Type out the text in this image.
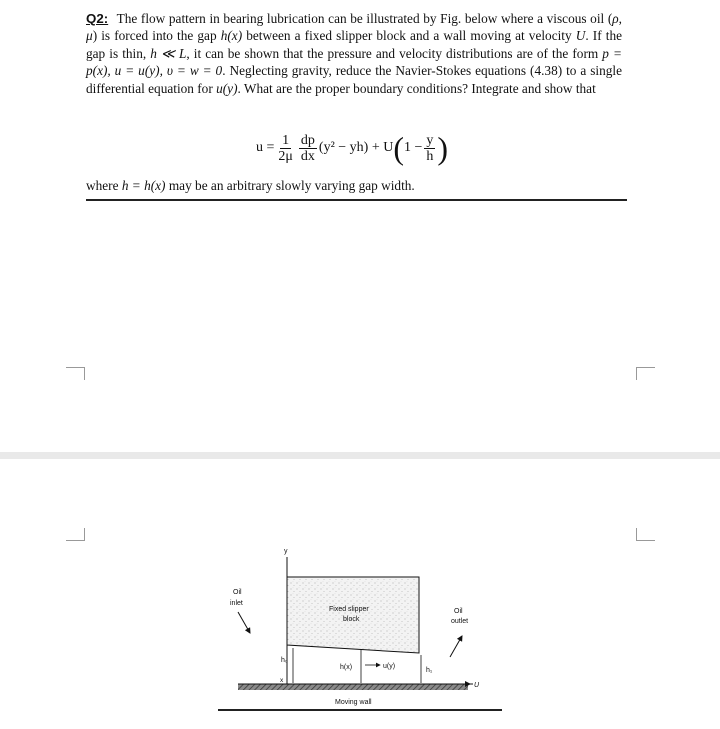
Q2: The flow pattern in bearing lubrication can be illustrated by Fig. below where a viscous oil (ρ, μ) is forced into the gap h(x) between a fixed slipper block and a wall moving at velocity U. If the gap is thin, h ≪ L, it can be shown that the pressure and velocity distributions are of the form p = p(x), u = u(y), υ = w = 0. Neglecting gravity, reduce the Navier-Stokes equations (4.38) to a single differential equation for u(y). What are the proper boundary conditions? Integrate and show that
$u = \frac{1}{2\mu} \frac{dp}{dx} (y^2 - yh) + U$ ( $1 - \frac{y}{h}$ )
where h = h(x) may be an arbitrary slowly varying gap width.
y
Fixed slipper
block
Oil
inlet
Oil
outlet
h₀
h(x)	u(y)
h₁
x
U
Moving wall
